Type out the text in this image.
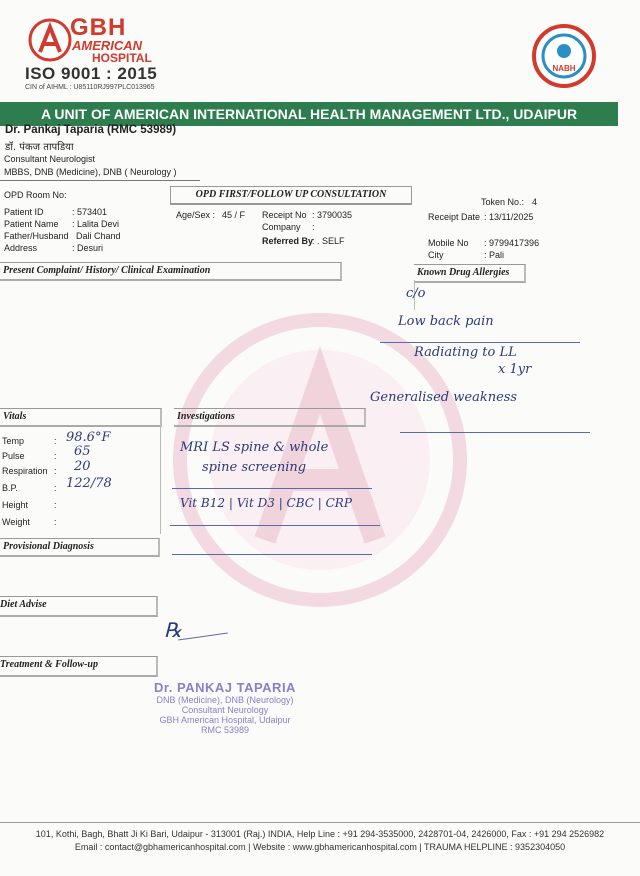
GBH
AMERICAN
HOSPITAL
ISO 9001 : 2015
CIN of AIHML : U85110RJ997PLC013965
NABH
A UNIT OF AMERICAN INTERNATIONAL HEALTH MANAGEMENT LTD., UDAIPUR
Dr. Pankaj Taparia (RMC 53989)
डॉ. पंकज तापडिया
Consultant Neurologist
MBBS, DNB (Medicine), DNB ( Neurology )
OPD Room No:	OPD FIRST/FOLLOW UP CONSULTATION
Token No.: 4
Patient ID	: 573401
Patient Name : Lalita Devi
Father/Husband Dali Chand
Address	: Desuri
Age/Sex : 45 / F Receipt No : 3790035
Company :
Referred By
: . SELF
Receipt Date : 13/11/2025
Mobile No : 9799417396
City	: Pali
Present Complaint/ History/ Clinical Examination	Known Drug Allergies
c/o
Low back pain
Radiating to LL
x 1yr
Generalised weakness
Vitals
Temp	: 98.6°F
Pulse	: 65
Respiration : 20
B.P.	: 122/78
Height	:
Weight	:
Investigations
MRI LS spine & whole
spine screening
Vit B12 | Vit D3 | CBC | CRP
Provisional Diagnosis
Diet Advise
℞
Treatment & Follow-up
Dr. PANKAJ TAPARIA
DNB (Medicine), DNB (Neurology)
Consultant Neurology
GBH American Hospital, Udaipur
RMC 53989
101, Kothi, Bagh, Bhatt Ji Ki Bari, Udaipur - 313001 (Raj.) INDIA, Help Line : +91 294-3535000, 2428701-04, 2426000, Fax : +91 294 2526982
Email : contact@gbhamericanhospital.com | Website : www.gbhamericanhospital.com | TRAUMA HELPLINE : 9352304050
